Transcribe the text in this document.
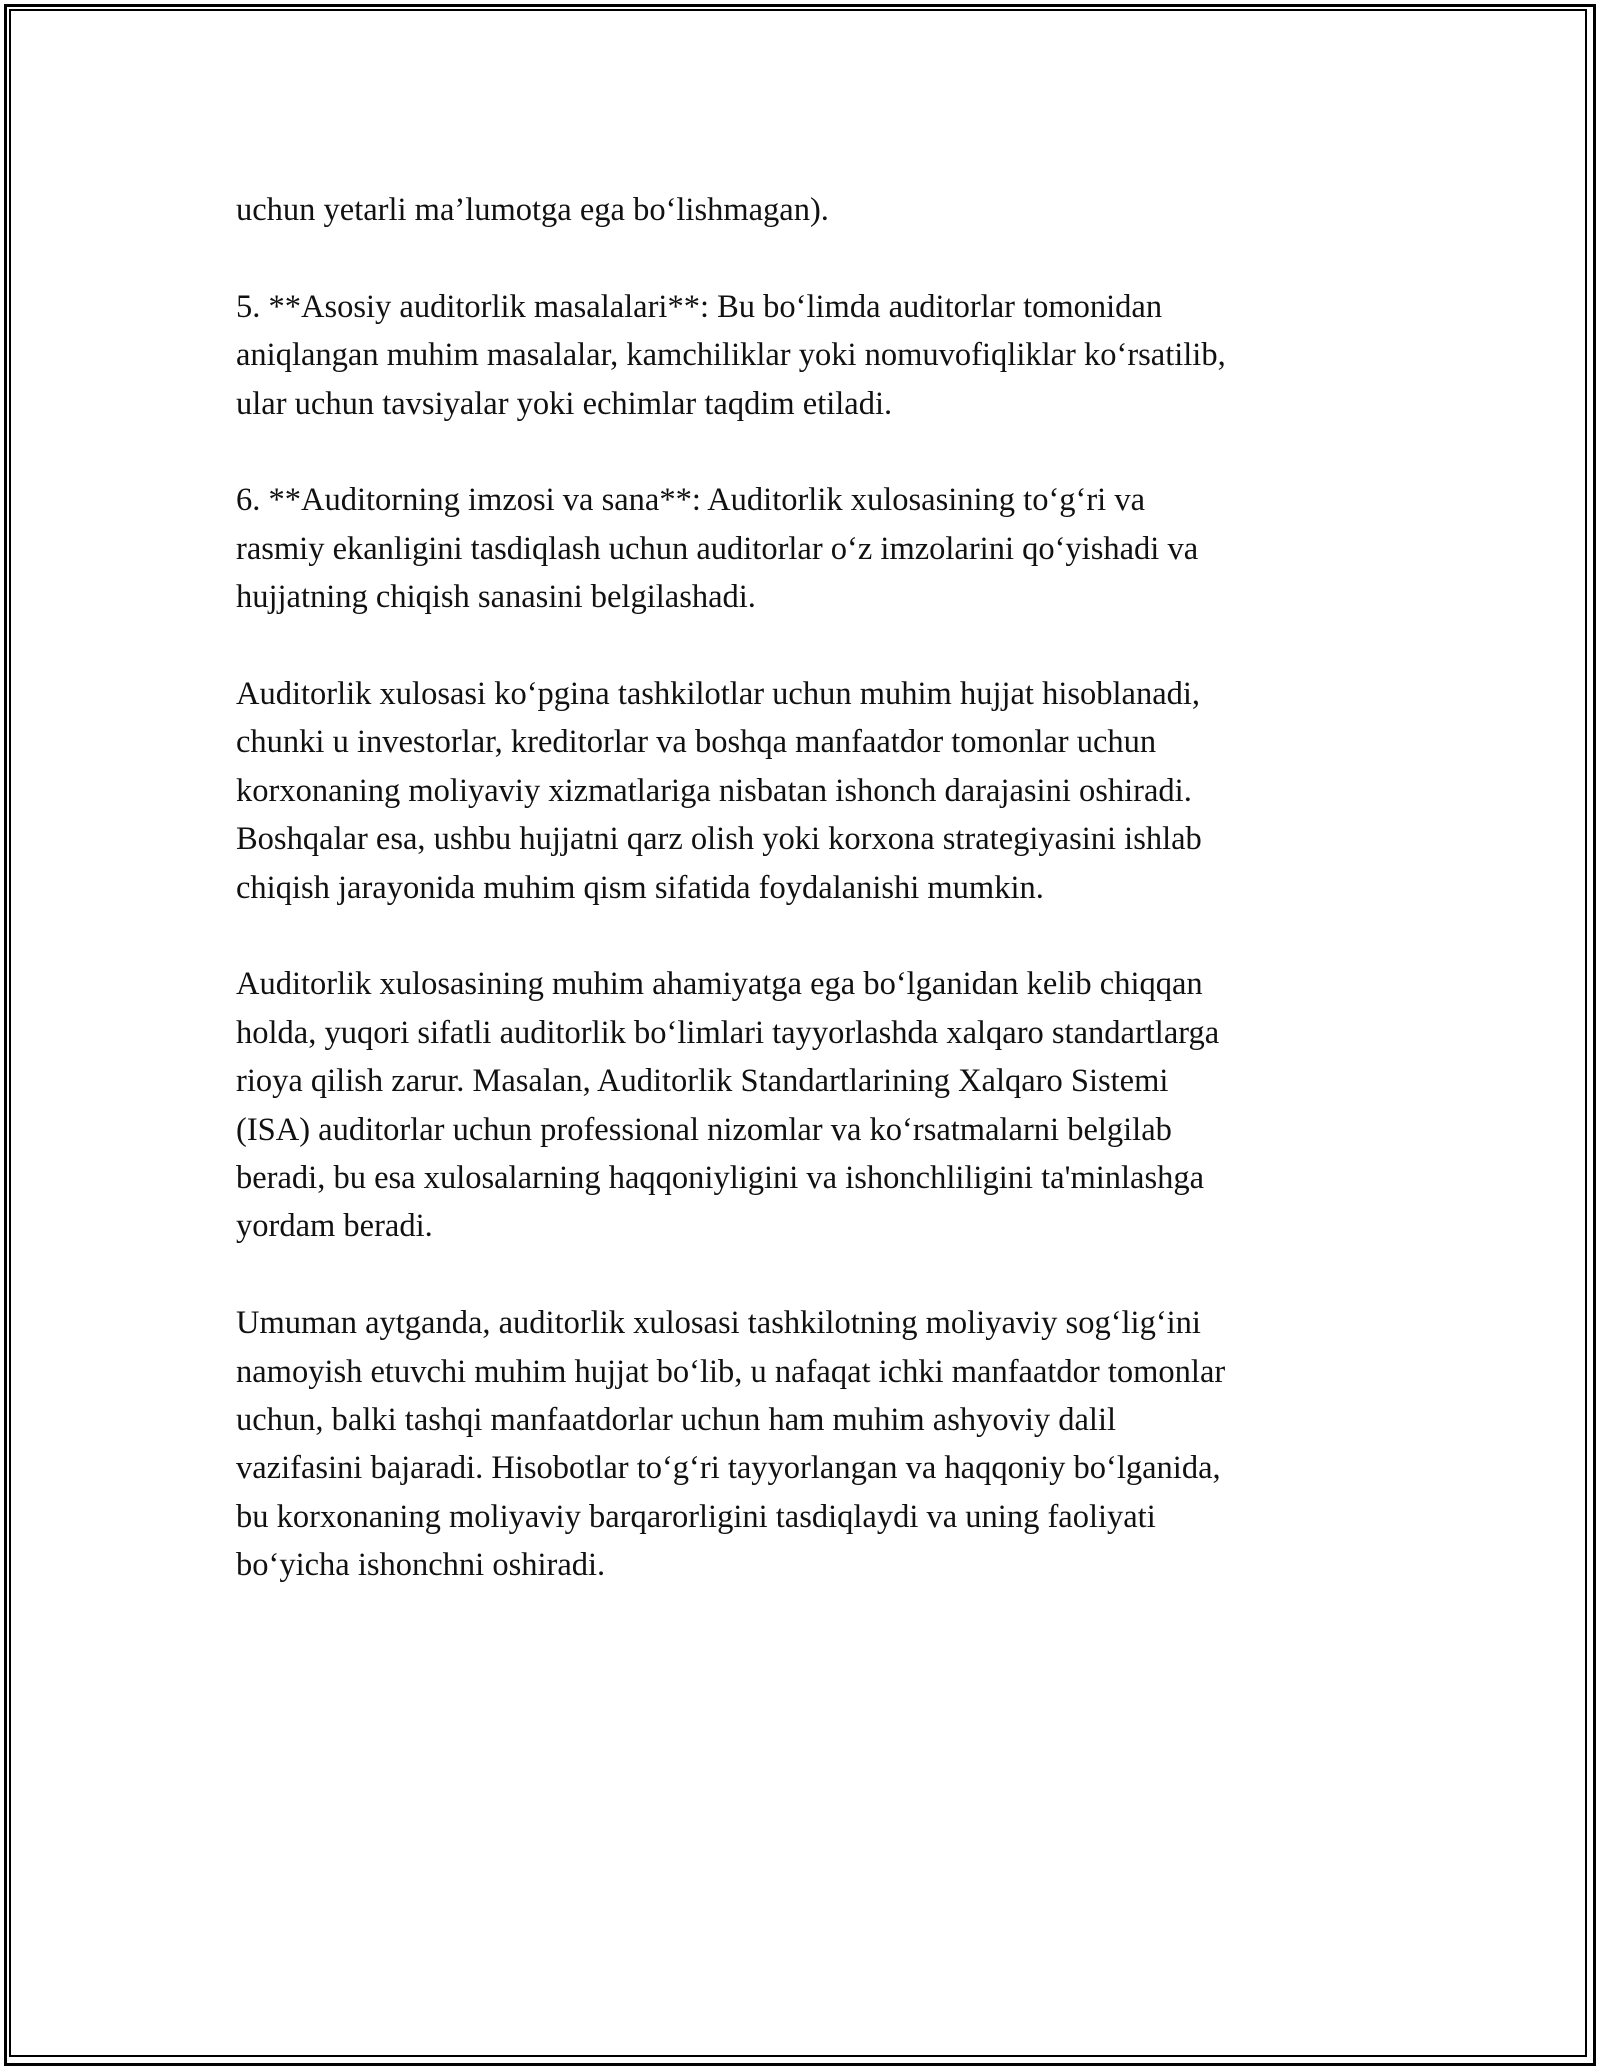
uchun yetarli ma’lumotga ega bo‘lishmagan).

5. **Asosiy auditorlik masalalari**: Bu bo‘limda auditorlar tomonidan
aniqlangan muhim masalalar, kamchiliklar yoki nomuvofiqliklar ko‘rsatilib,
ular uchun tavsiyalar yoki echimlar taqdim etiladi.

6. **Auditorning imzosi va sana**: Auditorlik xulosasining to‘g‘ri va
rasmiy ekanligini tasdiqlash uchun auditorlar o‘z imzolarini qo‘yishadi va
hujjatning chiqish sanasini belgilashadi.

Auditorlik xulosasi ko‘pgina tashkilotlar uchun muhim hujjat hisoblanadi,
chunki u investorlar, kreditorlar va boshqa manfaatdor tomonlar uchun
korxonaning moliyaviy xizmatlariga nisbatan ishonch darajasini oshiradi.
Boshqalar esa, ushbu hujjatni qarz olish yoki korxona strategiyasini ishlab
chiqish jarayonida muhim qism sifatida foydalanishi mumkin.

Auditorlik xulosasining muhim ahamiyatga ega bo‘lganidan kelib chiqqan
holda, yuqori sifatli auditorlik bo‘limlari tayyorlashda xalqaro standartlarga
rioya qilish zarur. Masalan, Auditorlik Standartlarining Xalqaro Sistemi
(ISA) auditorlar uchun professional nizomlar va ko‘rsatmalarni belgilab
beradi, bu esa xulosalarning haqqoniyligini va ishonchliligini ta'minlashga
yordam beradi.

Umuman aytganda, auditorlik xulosasi tashkilotning moliyaviy sog‘lig‘ini
namoyish etuvchi muhim hujjat bo‘lib, u nafaqat ichki manfaatdor tomonlar
uchun, balki tashqi manfaatdorlar uchun ham muhim ashyoviy dalil
vazifasini bajaradi. Hisobotlar to‘g‘ri tayyorlangan va haqqoniy bo‘lganida,
bu korxonaning moliyaviy barqarorligini tasdiqlaydi va uning faoliyati
bo‘yicha ishonchni oshiradi.
